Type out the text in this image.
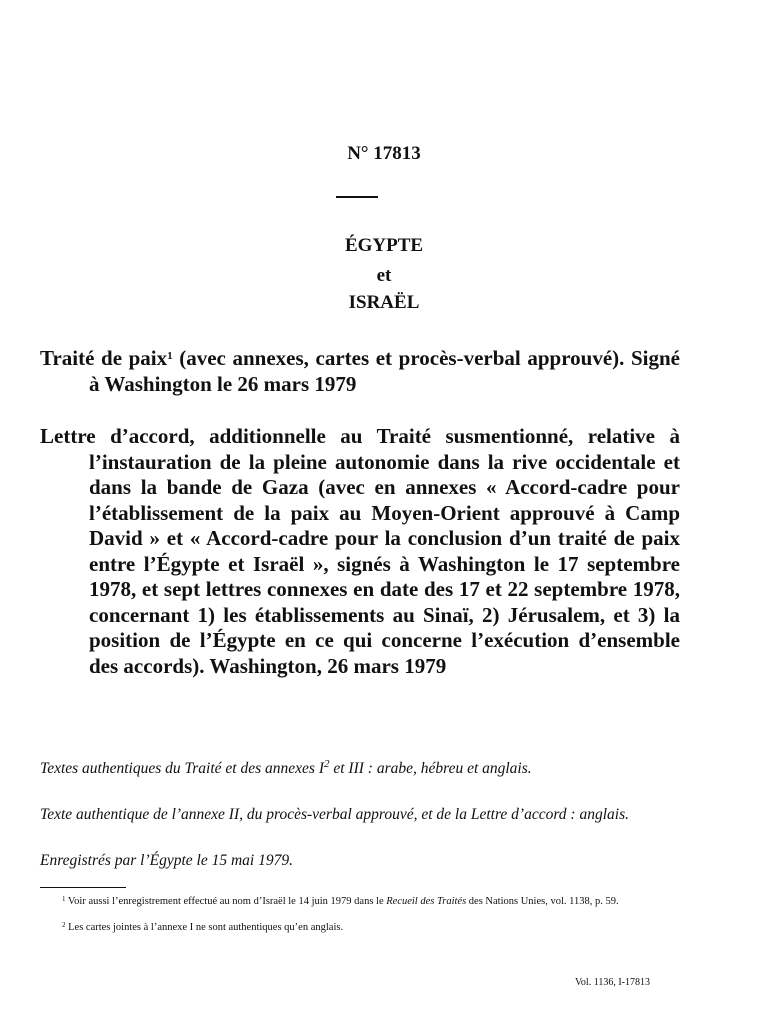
N° 17813
ÉGYPTE
et
ISRAËL
Traité de paix$^1$ (avec annexes, cartes et procès-verbal approuvé). Signé à Washington le 26 mars 1979
Lettre d’accord, additionnelle au Traité susmentionné, relative à l’instauration de la pleine autonomie dans la rive occidentale et dans la bande de Gaza (avec en annexes « Accord-cadre pour l’établissement de la paix au Moyen-Orient approuvé à Camp David » et « Accord-cadre pour la conclusion d’un traité de paix entre l’Égypte et Israël », signés à Washington le 17 septembre 1978, et sept lettres connexes en date des 17 et 22 septembre 1978, concernant 1) les établissements au Sinaï, 2) Jérusalem, et 3) la position de l’Égypte en ce qui concerne l’exécution d’ensemble des accords). Washington, 26 mars 1979
Textes authentiques du Traité et des annexes $I^2$ et III : arabe, hébreu et anglais.
Texte authentique de l’annexe II, du procès-verbal approuvé, et de la Lettre d’accord : anglais.
Enregistrés par l’Égypte le 15 mai 1979.
$^1$ Voir aussi l’enregistrement effectué au nom d’Israël le 14 juin 1979 dans le Recueil des Traités des Nations Unies, vol. 1138, p. 59.
$^2$ Les cartes jointes à l’annexe I ne sont authentiques qu’en anglais.
Vol. 1136, I-17813
